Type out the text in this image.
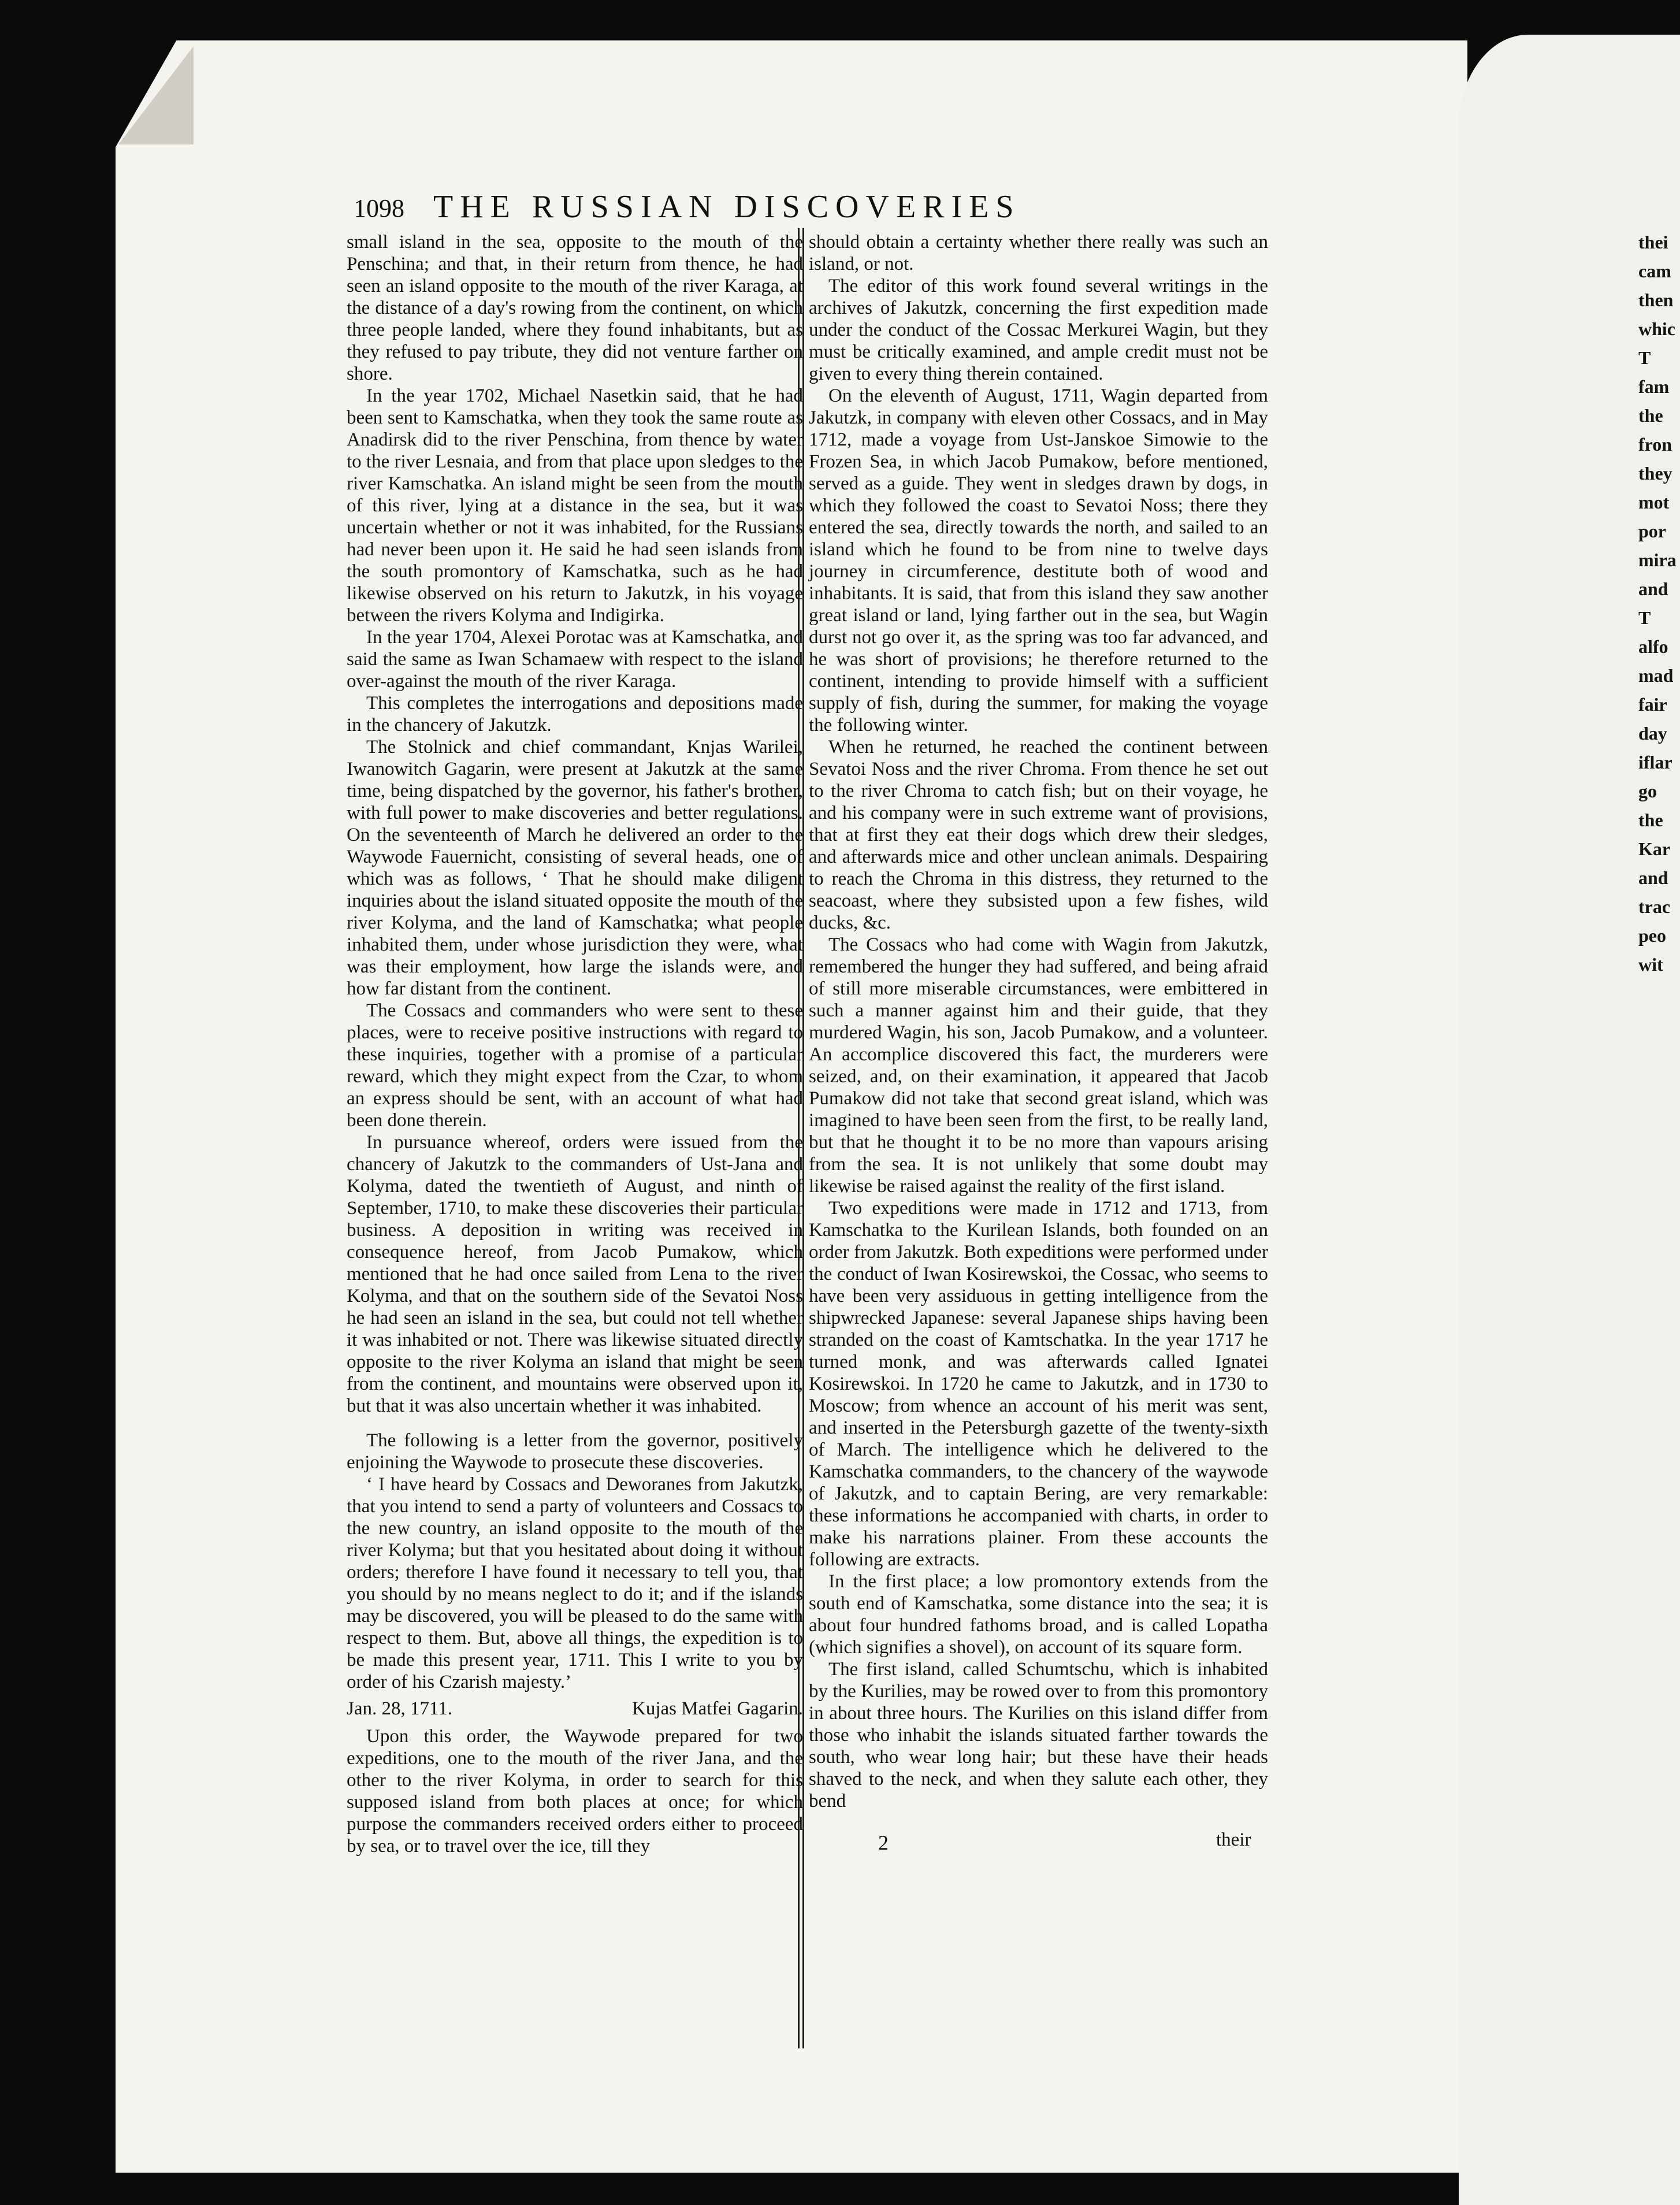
1098 THE RUSSIAN DISCOVERIES

small island in the sea, opposite to the mouth of the Penschina; and that, in their return from thence, he had seen an island opposite to the mouth of the river Karaga, at the distance of a day's rowing from the continent, on which three people landed, where they found inhabitants, but as they refused to pay tribute, they did not venture farther on shore.

In the year 1702, Michael Nasetkin said, that he had been sent to Kamschatka, when they took the same route as Anadirsk did to the river Penschina, from thence by water to the river Lesnaia, and from that place upon sledges to the river Kamschatka. An island might be seen from the mouth of this river, lying at a distance in the sea, but it was uncertain whether or not it was inhabited, for the Russians had never been upon it. He said he had seen islands from the south promontory of Kamschatka, such as he had likewise observed on his return to Jakutzk, in his voyage between the rivers Kolyma and Indigirka.

In the year 1704, Alexei Porotac was at Kamschatka, and said the same as Iwan Schamaew with respect to the island over-against the mouth of the river Karaga.

This completes the interrogations and depositions made in the chancery of Jakutzk.

The Stolnick and chief commandant, Knjas Warilei, Iwanowitch Gagarin, were present at Jakutzk at the same time, being dispatched by the governor, his father's brother, with full power to make discoveries and better regulations. On the seventeenth of March he delivered an order to the Waywode Fauernicht, consisting of several heads, one of which was as follows, ‘ That he should make diligent inquiries about the island situated opposite the mouth of the river Kolyma, and the land of Kamschatka; what people inhabited them, under whose jurisdiction they were, what was their employment, how large the islands were, and how far distant from the continent.

The Cossacs and commanders who were sent to these places, were to receive positive instructions with regard to these inquiries, together with a promise of a particular reward, which they might expect from the Czar, to whom an express should be sent, with an account of what had been done therein.

In pursuance whereof, orders were issued from the chancery of Jakutzk to the commanders of Ust-Jana and Kolyma, dated the twentieth of August, and ninth of September, 1710, to make these discoveries their particular business. A deposition in writing was received in consequence hereof, from Jacob Pumakow, which mentioned that he had once sailed from Lena to the river Kolyma, and that on the southern side of the Sevatoi Noss he had seen an island in the sea, but could not tell whether it was inhabited or not. There was likewise situated directly opposite to the river Kolyma an island that might be seen from the continent, and mountains were observed upon it, but that it was also uncertain whether it was inhabited.

The following is a letter from the governor, positively enjoining the Waywode to prosecute these discoveries.

‘ I have heard by Cossacs and Deworanes from Jakutzk, that you intend to send a party of volunteers and Cossacs to the new country, an island opposite to the mouth of the river Kolyma; but that you hesitated about doing it without orders; therefore I have found it necessary to tell you, that you should by no means neglect to do it; and if the islands may be discovered, you will be pleased to do the same with respect to them. But, above all things, the expedition is to be made this present year, 1711. This I write to you by order of his Czarish majesty.’

Jan. 28, 1711.	Kujas Matfei Gagarin.

Upon this order, the Waywode prepared for two expeditions, one to the mouth of the river Jana, and the other to the river Kolyma, in order to search for this supposed island from both places at once; for which purpose the commanders received orders either to proceed by sea, or to travel over the ice, till they

should obtain a certainty whether there really was such an island, or not.

The editor of this work found several writings in the archives of Jakutzk, concerning the first expedition made under the conduct of the Cossac Merkurei Wagin, but they must be critically examined, and ample credit must not be given to every thing therein contained.

On the eleventh of August, 1711, Wagin departed from Jakutzk, in company with eleven other Cossacs, and in May 1712, made a voyage from Ust-Janskoe Simowie to the Frozen Sea, in which Jacob Pumakow, before mentioned, served as a guide. They went in sledges drawn by dogs, in which they followed the coast to Sevatoi Noss; there they entered the sea, directly towards the north, and sailed to an island which he found to be from nine to twelve days journey in circumference, destitute both of wood and inhabitants. It is said, that from this island they saw another great island or land, lying farther out in the sea, but Wagin durst not go over it, as the spring was too far advanced, and he was short of provisions; he therefore returned to the continent, intending to provide himself with a sufficient supply of fish, during the summer, for making the voyage the following winter.

When he returned, he reached the continent between Sevatoi Noss and the river Chroma. From thence he set out to the river Chroma to catch fish; but on their voyage, he and his company were in such extreme want of provisions, that at first they eat their dogs which drew their sledges, and afterwards mice and other unclean animals. Despairing to reach the Chroma in this distress, they returned to the seacoast, where they subsisted upon a few fishes, wild ducks, &c.

The Cossacs who had come with Wagin from Jakutzk, remembered the hunger they had suffered, and being afraid of still more miserable circumstances, were embittered in such a manner against him and their guide, that they murdered Wagin, his son, Jacob Pumakow, and a volunteer. An accomplice discovered this fact, the murderers were seized, and, on their examination, it appeared that Jacob Pumakow did not take that second great island, which was imagined to have been seen from the first, to be really land, but that he thought it to be no more than vapours arising from the sea. It is not unlikely that some doubt may likewise be raised against the reality of the first island.

Two expeditions were made in 1712 and 1713, from Kamschatka to the Kurilean Islands, both founded on an order from Jakutzk. Both expeditions were performed under the conduct of Iwan Kosirewskoi, the Cossac, who seems to have been very assiduous in getting intelligence from the shipwrecked Japanese: several Japanese ships having been stranded on the coast of Kamtschatka. In the year 1717 he turned monk, and was afterwards called Ignatei Kosirewskoi. In 1720 he came to Jakutzk, and in 1730 to Moscow; from whence an account of his merit was sent, and inserted in the Petersburgh gazette of the twenty-sixth of March. The intelligence which he delivered to the Kamschatka commanders, to the chancery of the waywode of Jakutzk, and to captain Bering, are very remarkable: these informations he accompanied with charts, in order to make his narrations plainer. From these accounts the following are extracts.

In the first place; a low promontory extends from the south end of Kamschatka, some distance into the sea; it is about four hundred fathoms broad, and is called Lopatha (which signifies a shovel), on account of its square form.

The first island, called Schumtschu, which is inhabited by the Kurilies, may be rowed over to from this promontory in about three hours. The Kurilies on this island differ from those who inhabit the islands situated farther towards the south, who wear long hair; but these have their heads shaved to the neck, and when they salute each other, they bend

2	their

thei
cam
then
whic
T
fam
the
fron
they
mot
por
mira
and
T
alfo
mad
fair
day
iflar
go
the
Kar
and
trac
peo
wit
